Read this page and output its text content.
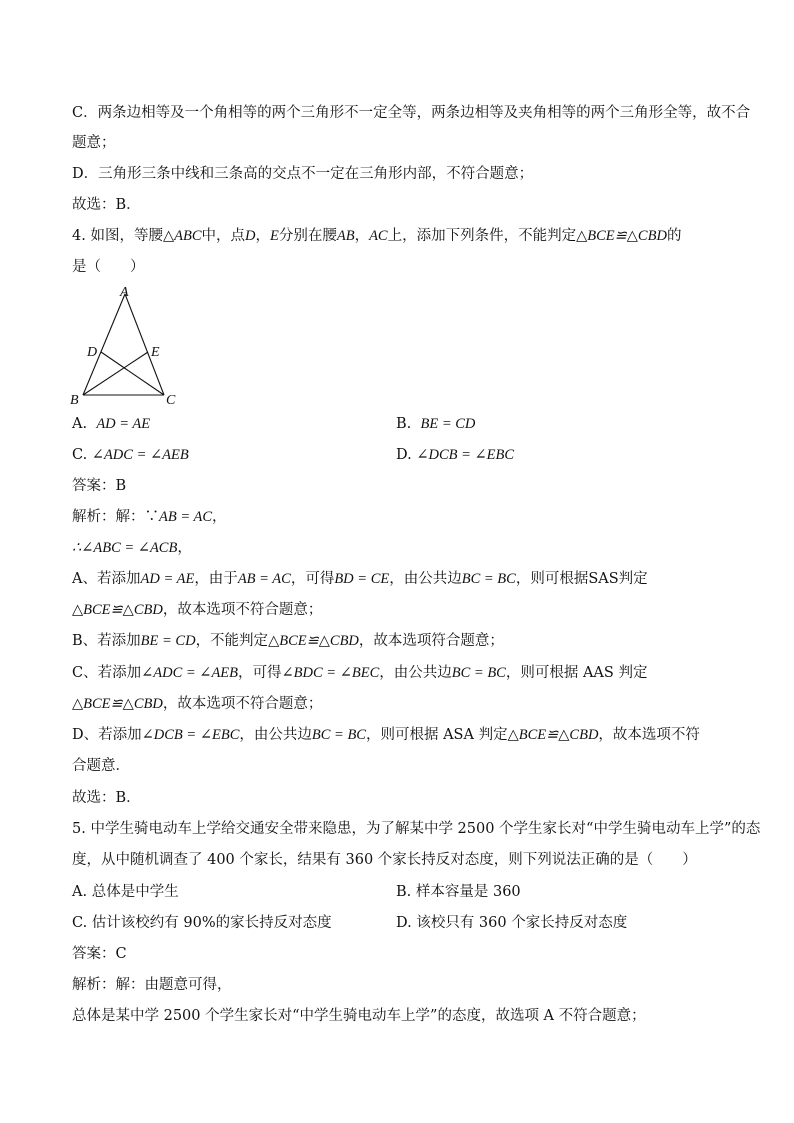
C．两条边相等及一个角相等的两个三角形不一定全等，两条边相等及夹角相等的两个三角形全等，故不合
题意；
D．三角形三条中线和三条高的交点不一定在三角形内部，不符合题意；
故选：B．
4. 如图，等腰△ABC中，点D，E分别在腰AB，AC上，添加下列条件，不能判定△BCE≌△CBD的
是（　　）
A
D	E
B	C
A. AD = AE	B. BE = CD
C. ∠ADC = ∠AEB	D. ∠DCB = ∠EBC
答案：B
解析：解：∵AB = AC，
∴∠ABC = ∠ACB，
A、若添加AD = AE，由于AB = AC，可得BD = CE，由公共边BC = BC，则可根据SAS判定
△BCE≌△CBD，故本选项不符合题意；
B、若添加BE = CD，不能判定△BCE≌△CBD，故本选项符合题意；
C、若添加∠ADC = ∠AEB，可得∠BDC = ∠BEC，由公共边BC = BC，则可根据 AAS 判定
△BCE≌△CBD，故本选项不符合题意；
D、若添加∠DCB = ∠EBC，由公共边BC = BC，则可根据 ASA 判定△BCE≌△CBD，故本选项不符
合题意．
故选：B．
5. 中学生骑电动车上学给交通安全带来隐患，为了解某中学 2500 个学生家长对“中学生骑电动车上学”的态
度，从中随机调查了 400 个家长，结果有 360 个家长持反对态度，则下列说法正确的是（　　）
A. 总体是中学生	B. 样本容量是 360
C. 估计该校约有 90%的家长持反对态度	D. 该校只有 360 个家长持反对态度
答案：C
解析：解：由题意可得，
总体是某中学 2500 个学生家长对“中学生骑电动车上学”的态度，故选项 A 不符合题意；
